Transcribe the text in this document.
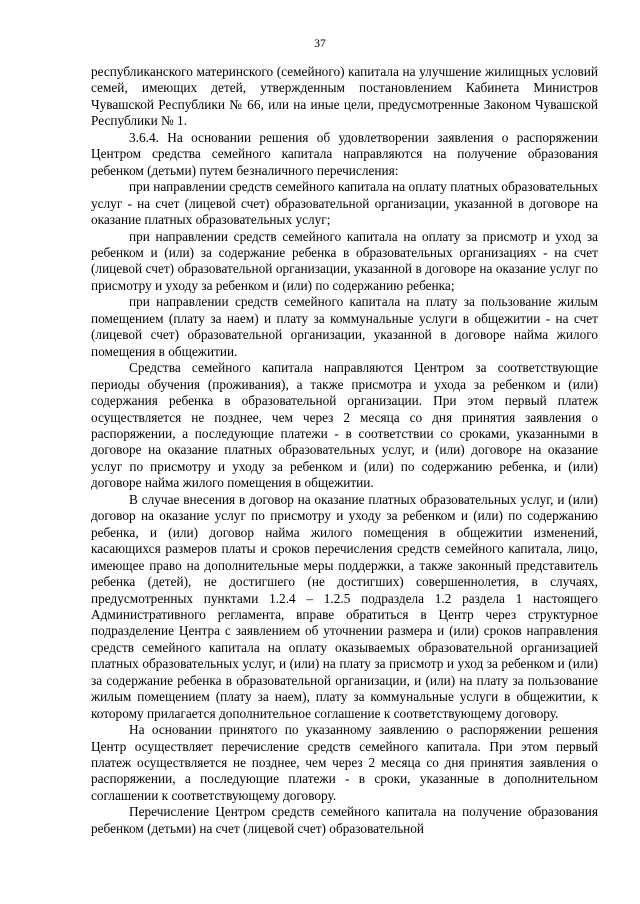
37

республиканского материнского (семейного) капитала на улучшение жилищных условий семей, имеющих детей, утвержденным постановлением Кабинета Министров Чувашской Республики № 66, или на иные цели, предусмотренные Законом Чувашской Республики № 1.

3.6.4. На основании решения об удовлетворении заявления о распоряжении Центром средства семейного капитала направляются на получение образования ребенком (детьми) путем безналичного перечисления:

при направлении средств семейного капитала на оплату платных образовательных услуг - на счет (лицевой счет) образовательной организации, указанной в договоре на оказание платных образовательных услуг;

при направлении средств семейного капитала на оплату за присмотр и уход за ребенком и (или) за содержание ребенка в образовательных организациях - на счет (лицевой счет) образовательной организации, указанной в договоре на оказание услуг по присмотру и уходу за ребенком и (или) по содержанию ребенка;

при направлении средств семейного капитала на плату за пользование жилым помещением (плату за наем) и плату за коммунальные услуги в общежитии - на счет (лицевой счет) образовательной организации, указанной в договоре найма жилого помещения в общежитии.

Средства семейного капитала направляются Центром за соответствующие периоды обучения (проживания), а также присмотра и ухода за ребенком и (или) содержания ребенка в образовательной организации. При этом первый платеж осуществляется не позднее, чем через 2 месяца со дня принятия заявления о распоряжении, а последующие платежи - в соответствии со сроками, указанными в договоре на оказание платных образовательных услуг, и (или) договоре на оказание услуг по присмотру и уходу за ребенком и (или) по содержанию ребенка, и (или) договоре найма жилого помещения в общежитии.

В случае внесения в договор на оказание платных образовательных услуг, и (или) договор на оказание услуг по присмотру и уходу за ребенком и (или) по содержанию ребенка, и (или) договор найма жилого помещения в общежитии изменений, касающихся размеров платы и сроков перечисления средств семейного капитала, лицо, имеющее право на дополнительные меры поддержки, а также законный представитель ребенка (детей), не достигшего (не достигших) совершеннолетия, в случаях, предусмотренных пунктами 1.2.4 – 1.2.5 подраздела 1.2 раздела 1 настоящего Административного регламента, вправе обратиться в Центр через структурное подразделение Центра с заявлением об уточнении размера и (или) сроков направления средств семейного капитала на оплату оказываемых образовательной организацией платных образовательных услуг, и (или) на плату за присмотр и уход за ребенком и (или) за содержание ребенка в образовательной организации, и (или) на плату за пользование жилым помещением (плату за наем), плату за коммунальные услуги в общежитии, к которому прилагается дополнительное соглашение к соответствующему договору.

На основании принятого по указанному заявлению о распоряжении решения Центр осуществляет перечисление средств семейного капитала. При этом первый платеж осуществляется не позднее, чем через 2 месяца со дня принятия заявления о распоряжении, а последующие платежи - в сроки, указанные в дополнительном соглашении к соответствующему договору.

Перечисление Центром средств семейного капитала на получение образования ребенком (детьми) на счет (лицевой счет) образовательной
